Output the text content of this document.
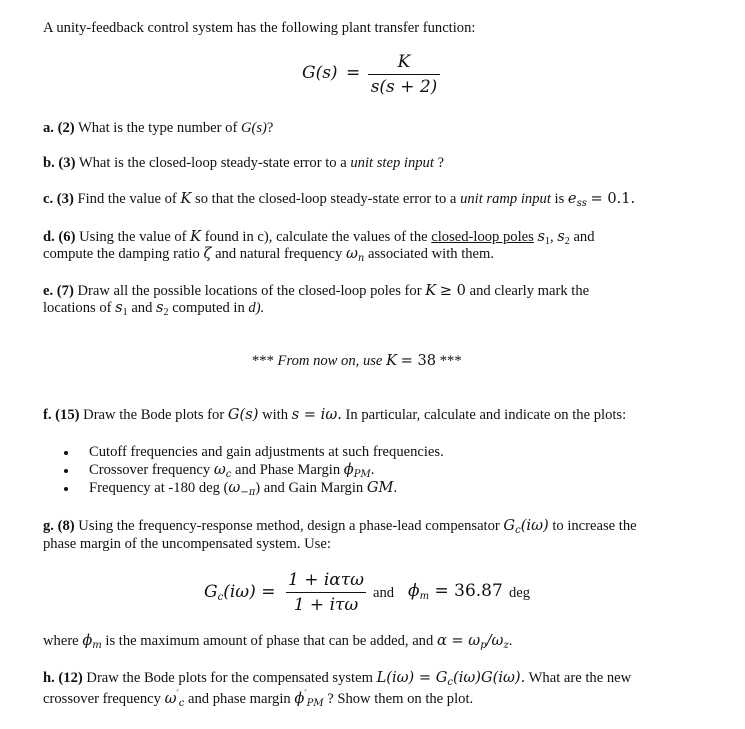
A unity-feedback control system has the following plant transfer function:
G(s) =
K
s(s + 2)
a. (2) What is the type number of G(s)?
b. (3) What is the closed-loop steady-state error to a unit step input ?
c. (3) Find the value of K so that the closed-loop steady-state error to a unit ramp input is $e_{ss} = 0.1$.
d. (6) Using the value of K found in c), calculate the values of the closed-loop poles $s_1$, $s_2$ and
compute the damping ratio ζ and natural frequency $\omega_n$ associated with them.
e. (7) Draw all the possible locations of the closed-loop poles for K ≥ 0 and clearly mark the
locations of $s_1$ and $s_2$ computed in d).
*** From now on, use K = 38 ***
f. (15) Draw the Bode plots for G(s) with s = iω. In particular, calculate and indicate on the plots:
Cutoff frequencies and gain adjustments at such frequencies.
Crossover frequency $\omega_c$ and Phase Margin $\phi_{PM}$.
Frequency at -180 deg $(\omega_{-\pi})$ and Gain Margin GM.
g. (8) Using the frequency-response method, design a phase-lead compensator $G_c(i\omega)$ to increase the
phase margin of the uncompensated system. Use:
$G_c(i\omega)$ =
1 + iατω
1 + iτω
and $\phi_m = 36.87$ deg
where $\phi_m$ is the maximum amount of phase that can be added, and $\alpha = \omega_p/\omega_z$.
h. (12) Draw the Bode plots for the compensated system $L(i\omega) = G_c(i\omega)G(i\omega)$. What are the new
crossover frequency $\omega'_c$ and phase margin $\phi'_{PM}$ ? Show them on the plot.
